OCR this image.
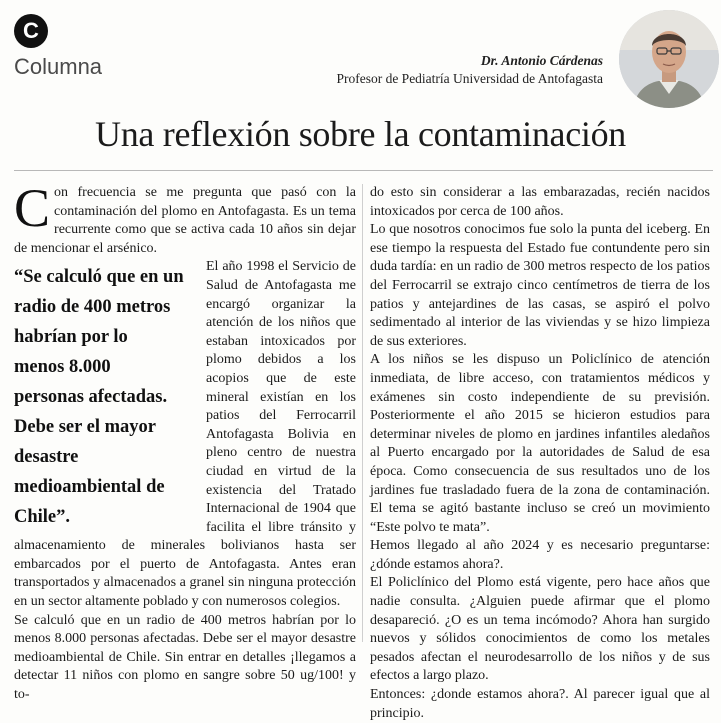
C
Columna	Dr. Antonio Cárdenas
Profesor de Pediatría Universidad de Antofagasta
Una reflexión sobre la contaminación

Con frecuencia se me pregunta que pasó con la contaminación del plomo en Antofagasta. Es un tema recurrente como que se activa cada 10 años sin dejar de mencionar el arsénico.

“Se calculó que en un
radio de 400 metros
habrían por lo
menos 8.000
personas afectadas.
Debe ser el mayor
desastre
medioambiental de
Chile”.
El año 1998 el Servicio de Salud de Antofagasta me encargó organizar la atención de los niños que estaban intoxicados por plomo debidos a los acopios que de este mineral existían en los patios del Ferrocarril Antofagasta Bolivia en pleno centro de nuestra ciudad en virtud de la existencia del Tratado Internacional de 1904 que facilita el libre tránsito y almacenamiento de minerales bolivianos hasta ser embarcados por el puerto de Antofagasta. Antes eran transportados y almacenados a granel sin ninguna protección en un sector altamente poblado y con numerosos colegios.

Se calculó que en un radio de 400 metros habrían por lo menos 8.000 personas afectadas. Debe ser el mayor desastre medioambiental de Chile. Sin entrar en detalles ¡llegamos a detectar 11 niños con plomo en sangre sobre 50 ug/100! y to-

do esto sin considerar a las embarazadas, recién nacidos intoxicados por cerca de 100 años.

Lo que nosotros conocimos fue solo la punta del iceberg. En ese tiempo la respuesta del Estado fue contundente pero sin duda tardía: en un radio de 300 metros respecto de los patios del Ferrocarril se extrajo cinco centímetros de tierra de los patios y antejardines de las casas, se aspiró el polvo sedimentado al interior de las viviendas y se hizo limpieza de sus exteriores.

A los niños se les dispuso un Policlínico de atención inmediata, de libre acceso, con tratamientos médicos y exámenes sin costo independiente de su previsión. Posteriormente el año 2015 se hicieron estudios para determinar niveles de plomo en jardines infantiles aledaños al Puerto encargado por la autoridades de Salud de esa época. Como consecuencia de sus resultados uno de los jardines fue trasladado fuera de la zona de contaminación. El tema se agitó bastante incluso se creó un movimiento “Este polvo te mata”.

Hemos llegado al año 2024 y es necesario preguntarse: ¿dónde estamos ahora?.

El Policlínico del Plomo está vigente, pero hace años que nadie consulta. ¿Alguien puede afirmar que el plomo desapareció. ¿O es un tema incómodo? Ahora han surgido nuevos y sólidos conocimientos de como los metales pesados afectan el neurodesarrollo de los niños y de sus efectos a largo plazo.

Entonces: ¿donde estamos ahora?. Al parecer igual que al principio.
